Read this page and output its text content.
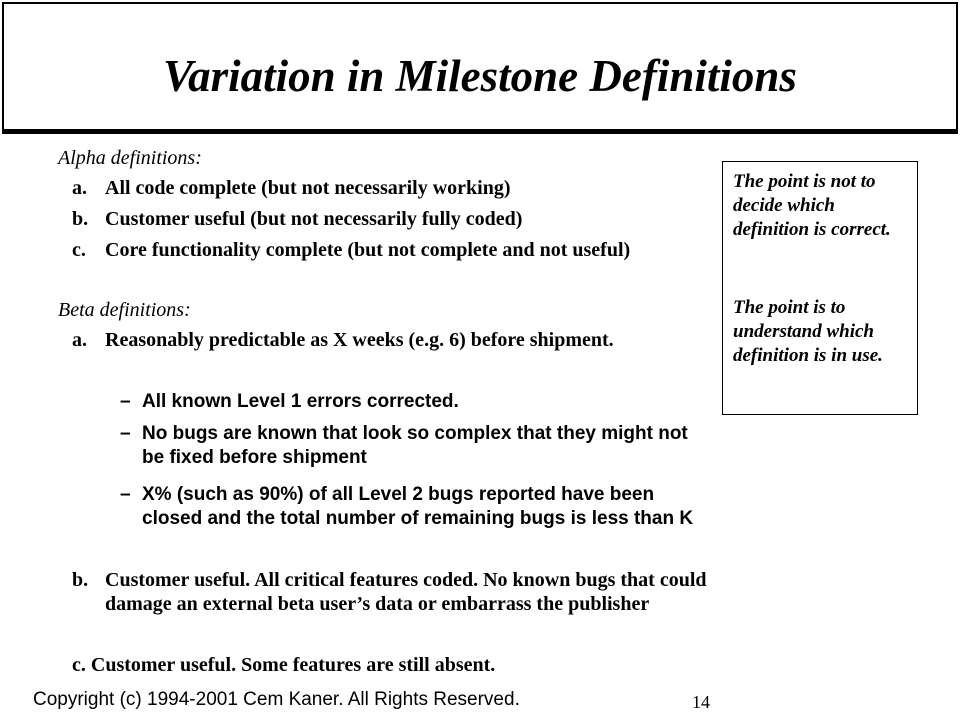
Variation in Milestone Definitions
Alpha definitions:
a. All code complete (but not necessarily working)
b. Customer useful (but not necessarily fully coded)
c. Core functionality complete (but not complete and not useful)
Beta definitions:
a. Reasonably predictable as X weeks (e.g. 6) before shipment.
– All known Level 1 errors corrected.
– No bugs are known that look so complex that they might not be fixed before shipment
– X% (such as 90%) of all Level 2 bugs reported have been closed and the total number of remaining bugs is less than K
b. Customer useful. All critical features coded. No known bugs that could damage an external beta user’s data or embarrass the publisher
c. Customer useful. Some features are still absent.
The point is not to decide which definition is correct.
The point is to understand which definition is in use.
Copyright (c) 1994-2001 Cem Kaner. All Rights Reserved.	14
